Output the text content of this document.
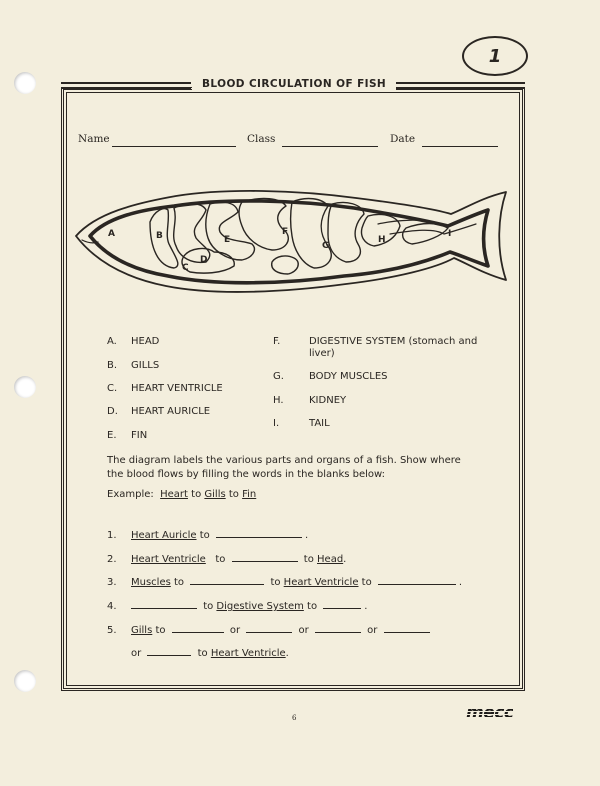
1
BLOOD CIRCULATION OF FISH
Name	Class	Date
A	B
C
D
E
F
G
H
I
A.	HEAD
B.	GILLS
C.	HEART VENTRICLE
D.	HEART AURICLE
E.	FIN
F.	DIGESTIVE SYSTEM (stomach and
liver)
G.	BODY MUSCLES
H.	KIDNEY
I.	TAIL
The diagram labels the various parts and organs of a fish. Show where
the blood flows by filling the words in the blanks below:
Example: Heart to Gills to Fin
1. Heart Auricle to	.
2. Heart Ventricle to	to Head.
3. Muscles to	to Heart Ventricle to	.
4.	to Digestive System to	.
5. Gills to	or	or	or
or	to Heart Ventricle.
6	mecc
